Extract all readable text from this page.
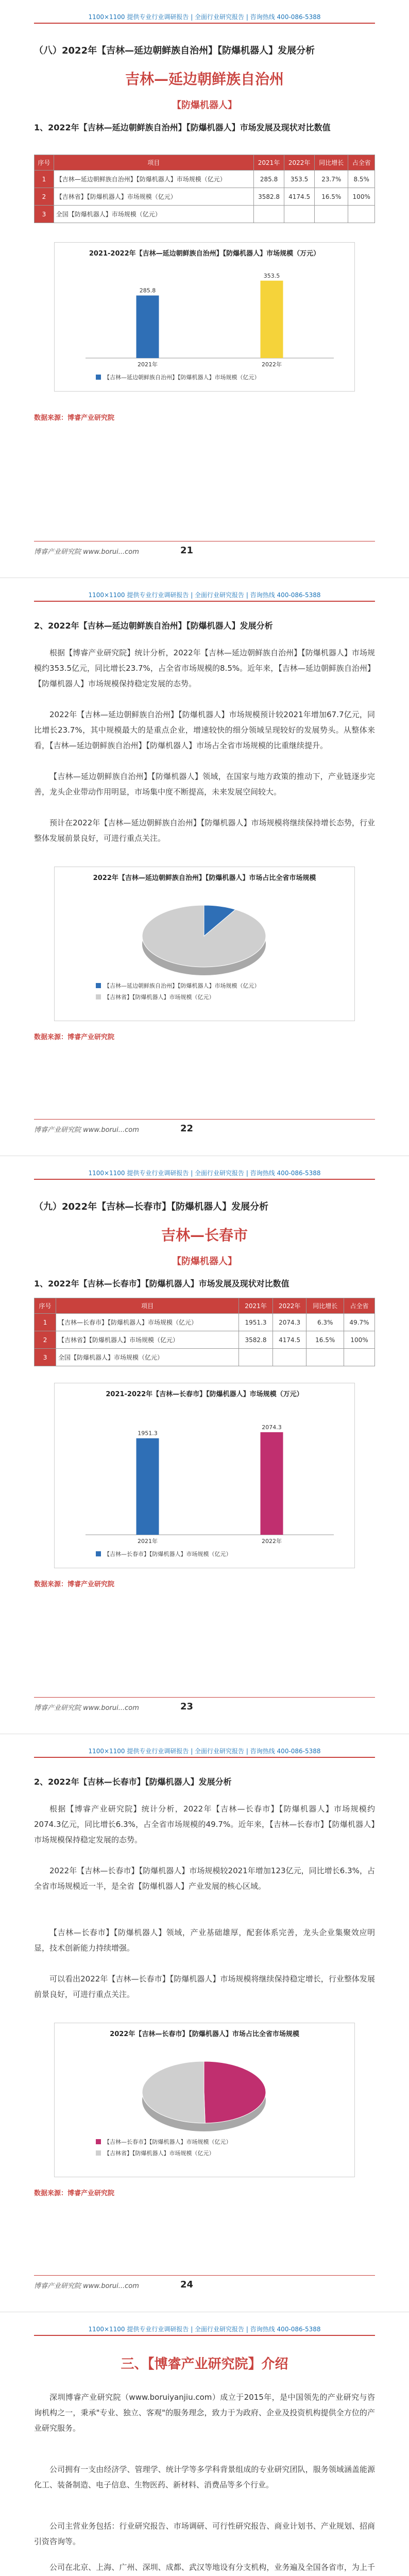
1100×1100 提供专业行业调研报告 | 全面行业研究报告 | 咨询热线 400-086-5388
（八）2022年【吉林—延边朝鲜族自治州】【防爆机器人】发展分析
吉林—延边朝鲜族自治州
【防爆机器人】
1、2022年【吉林—延边朝鲜族自治州】【防爆机器人】市场发展及现状对比数值
序号	项目	2021年	2022年	同比增长	占全省
1	【吉林—延边朝鲜族自治州】【防爆机器人】市场规模（亿元）	285.8	353.5	23.7%	8.5%
2	【吉林省】【防爆机器人】市场规模（亿元）	3582.8	4174.5	16.5%	100%
3	全国【防爆机器人】市场规模（亿元）				
2021-2022年【吉林—延边朝鲜族自治州】【防爆机器人】市场规模（万元）
285.8
2021年
353.5
2022年
【吉林—延边朝鲜族自治州】【防爆机器人】市场规模（亿元）
数据来源：博睿产业研究院
博睿产业研究院 www.borui...com	21
1100×1100 提供专业行业调研报告 | 全面行业研究报告 | 咨询热线 400-086-5388
2、2022年【吉林—延边朝鲜族自治州】【防爆机器人】发展分析
根据【博睿产业研究院】统计分析，2022年【吉林—延边朝鲜族自治州】【防爆机器人】市场规模约353.5亿元，同比增长23.7%，占全省市场规模的8.5%。近年来，【吉林—延边朝鲜族自治州】【防爆机器人】市场规模保持稳定发展的态势。
2022年【吉林—延边朝鲜族自治州】【防爆机器人】市场规模预计较2021年增加67.7亿元，同比增长23.7%，其中规模最大的是重点企业，增速较快的细分领域呈现较好的发展势头。从整体来看，【吉林—延边朝鲜族自治州】【防爆机器人】市场占全省市场规模的比重继续提升。
【吉林—延边朝鲜族自治州】【防爆机器人】领域，在国家与地方政策的推动下，产业链逐步完善，龙头企业带动作用明显，市场集中度不断提高，未来发展空间较大。
预计在2022年【吉林—延边朝鲜族自治州】【防爆机器人】市场规模将继续保持增长态势，行业整体发展前景良好，可进行重点关注。
2022年【吉林—延边朝鲜族自治州】【防爆机器人】市场占比全省市场规模
【吉林—延边朝鲜族自治州】【防爆机器人】市场规模（亿元）
【吉林省】【防爆机器人】市场规模（亿元）
数据来源：博睿产业研究院
博睿产业研究院 www.borui...com	22
1100×1100 提供专业行业调研报告 | 全面行业研究报告 | 咨询热线 400-086-5388
（九）2022年【吉林—长春市】【防爆机器人】发展分析
吉林—长春市
【防爆机器人】
1、2022年【吉林—长春市】【防爆机器人】市场发展及现状对比数值
序号	项目	2021年	2022年	同比增长	占全省
1	【吉林—长春市】【防爆机器人】市场规模（亿元）	1951.3	2074.3	6.3%	49.7%
2	【吉林省】【防爆机器人】市场规模（亿元）	3582.8	4174.5	16.5%	100%
3	全国【防爆机器人】市场规模（亿元）				
2021-2022年【吉林—长春市】【防爆机器人】市场规模（万元）
1951.3
2021年
2074.3
2022年
【吉林—长春市】【防爆机器人】市场规模（亿元）
数据来源：博睿产业研究院
博睿产业研究院 www.borui...com	23
1100×1100 提供专业行业调研报告 | 全面行业研究报告 | 咨询热线 400-086-5388
2、2022年【吉林—长春市】【防爆机器人】发展分析
根据【博睿产业研究院】统计分析，2022年【吉林—长春市】【防爆机器人】市场规模约2074.3亿元，同比增长6.3%，占全省市场规模的49.7%。近年来，【吉林—长春市】【防爆机器人】市场规模保持稳定发展的态势。
2022年【吉林—长春市】【防爆机器人】市场规模较2021年增加123亿元，同比增长6.3%，占全省市场规模近一半，是全省【防爆机器人】产业发展的核心区域。
【吉林—长春市】【防爆机器人】领域，产业基础雄厚，配套体系完善，龙头企业集聚效应明显，技术创新能力持续增强。
可以看出2022年【吉林—长春市】【防爆机器人】市场规模将继续保持稳定增长，行业整体发展前景良好，可进行重点关注。
2022年【吉林—长春市】【防爆机器人】市场占比全省市场规模
【吉林—长春市】【防爆机器人】市场规模（亿元）
【吉林省】【防爆机器人】市场规模（亿元）
数据来源：博睿产业研究院
博睿产业研究院 www.borui...com	24
1100×1100 提供专业行业调研报告 | 全面行业研究报告 | 咨询热线 400-086-5388
三、【博睿产业研究院】介绍
深圳博睿产业研究院（www.boruiyanjiu.com）成立于2015年，是中国领先的产业研究与咨询机构之一，秉承"专业、独立、客观"的服务理念，致力于为政府、企业及投资机构提供全方位的产业研究服务。
公司拥有一支由经济学、管理学、统计学等多学科背景组成的专业研究团队，服务领域涵盖能源化工、装备制造、电子信息、生物医药、新材料、消费品等多个行业。
公司主营业务包括：行业研究报告、市场调研、可行性研究报告、商业计划书、产业规划、招商引资咨询等。
公司在北京、上海、广州、深圳、成都、武汉等地设有分支机构，业务遍及全国各省市，为上千
